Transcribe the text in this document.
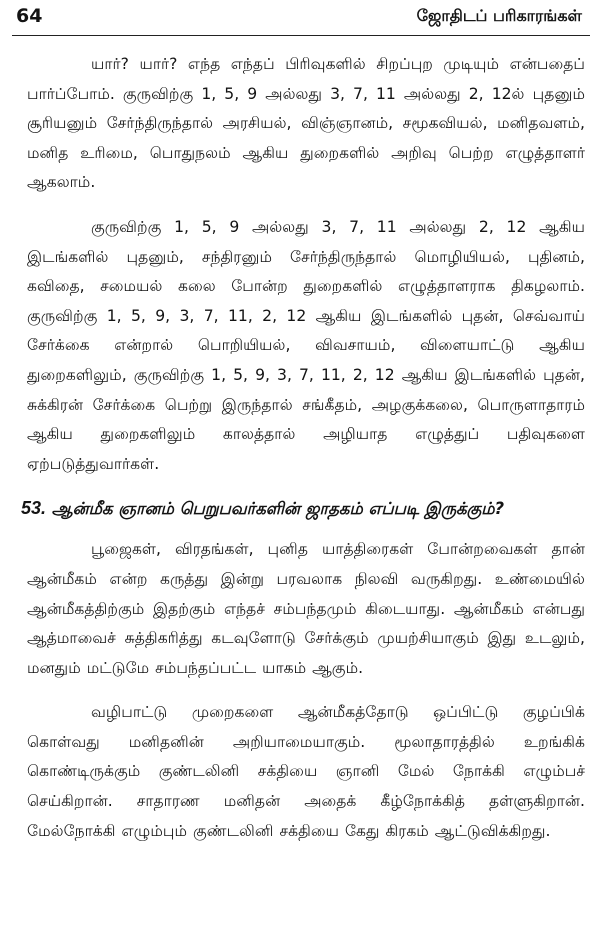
64	ஜோதிடப் பரிகாரங்கள்

யார்? யார்? எந்த எந்தப் பிரிவுகளில் சிறப்புற முடியும் என்பதைப் பார்ப்போம். குருவிற்கு 1, 5, 9 அல்லது 3, 7, 11 அல்லது 2, 12ல் புதனும் சூரியனும் சேர்ந்திருந்தால் அரசியல், விஞ்ஞானம், சமூகவியல், மனிதவளம், மனித உரிமை, பொதுநலம் ஆகிய துறைகளில் அறிவு பெற்ற எழுத்தாளர் ஆகலாம்.

குருவிற்கு 1, 5, 9 அல்லது 3, 7, 11 அல்லது 2, 12 ஆகிய இடங்களில் புதனும், சந்திரனும் சேர்ந்திருந்தால் மொழியியல், புதினம், கவிதை, சமையல் கலை போன்ற துறைகளில் எழுத்தாளராக திகழலாம். குருவிற்கு 1, 5, 9, 3, 7, 11, 2, 12 ஆகிய இடங்களில் புதன், செவ்வாய் சேர்க்கை என்றால் பொறியியல், விவசாயம், விளையாட்டு ஆகிய துறைகளிலும், குருவிற்கு 1, 5, 9, 3, 7, 11, 2, 12 ஆகிய இடங்களில் புதன், சுக்கிரன் சேர்க்கை பெற்று இருந்தால் சங்கீதம், அழகுக்கலை, பொருளாதாரம் ஆகிய துறைகளிலும் காலத்தால் அழியாத எழுத்துப் பதிவுகளை ஏற்படுத்துவார்கள்.

53. ஆன்மீக ஞானம் பெறுபவர்களின் ஜாதகம் எப்படி இருக்கும்?

பூஜைகள், விரதங்கள், புனித யாத்திரைகள் போன்றவைகள் தான் ஆன்மீகம் என்ற கருத்து இன்று பரவலாக நிலவி வருகிறது. உண்மையில் ஆன்மீகத்திற்கும் இதற்கும் எந்தச் சம்பந்தமும் கிடையாது. ஆன்மீகம் என்பது ஆத்மாவைச் சுத்திகரித்து கடவுளோடு சேர்க்கும் முயற்சியாகும் இது உடலும், மனதும் மட்டுமே சம்பந்தப்பட்ட யாகம் ஆகும்.

வழிபாட்டு முறைகளை ஆன்மீகத்தோடு ஒப்பிட்டு குழப்பிக் கொள்வது மனிதனின் அறியாமையாகும். மூலாதாரத்தில் உறங்கிக் கொண்டிருக்கும் குண்டலினி சக்தியை ஞானி மேல் நோக்கி எழும்பச் செய்கிறான். சாதாரண மனிதன் அதைக் கீழ்நோக்கித் தள்ளுகிறான். மேல்நோக்கி எழும்பும் குண்டலினி சக்தியை கேது கிரகம் ஆட்டுவிக்கிறது.
